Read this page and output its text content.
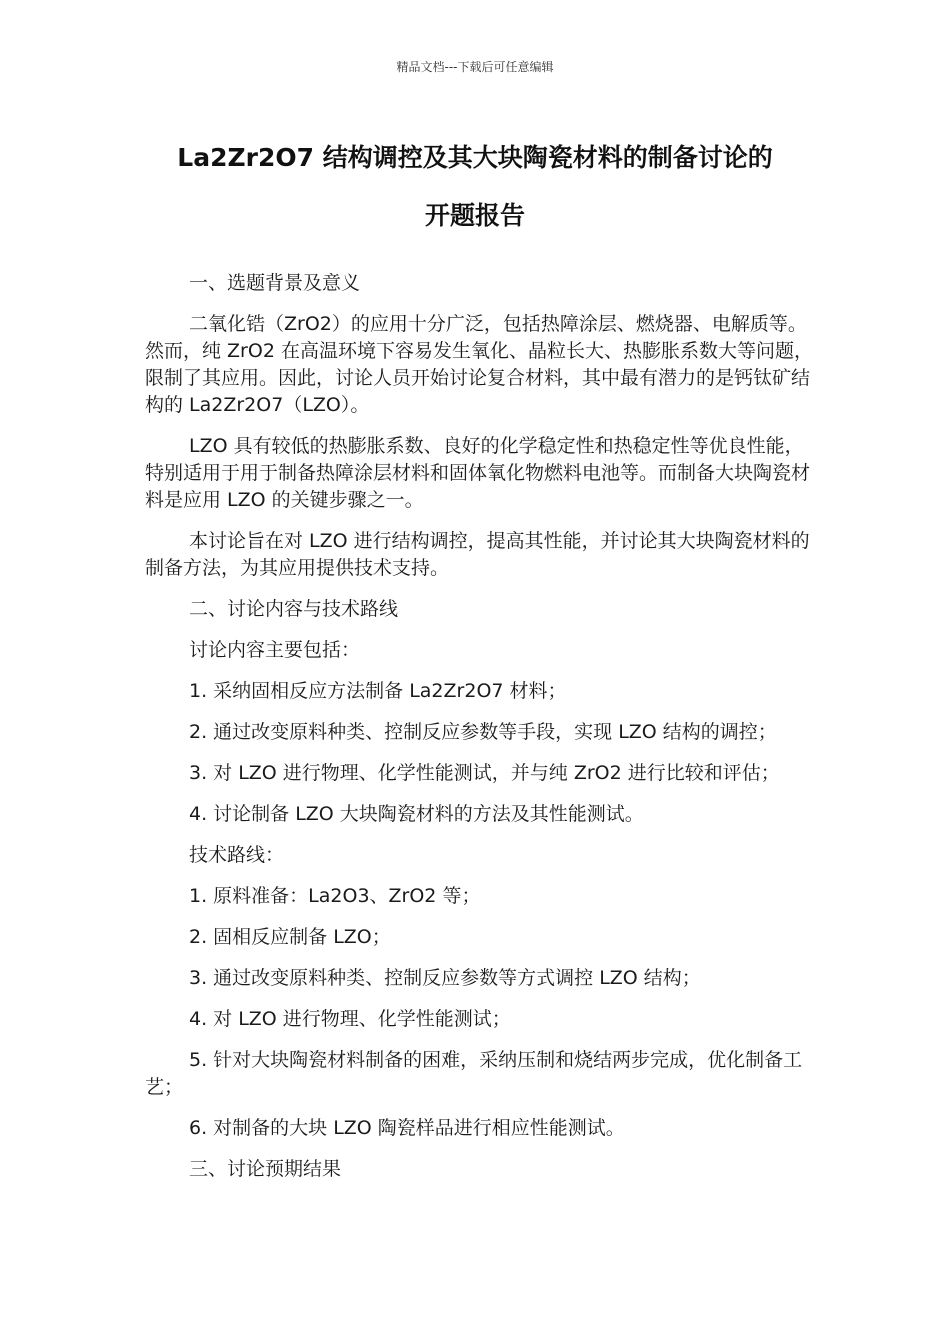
精品文档---下载后可任意编辑
La2Zr2O7 结构调控及其大块陶瓷材料的制备讨论的
开题报告

一、选题背景及意义

二氧化锆（ZrO2）的应用十分广泛，包括热障涂层、燃烧器、电解质等。然而，纯 ZrO2 在高温环境下容易发生氧化、晶粒长大、热膨胀系数大等问题，限制了其应用。因此，讨论人员开始讨论复合材料，其中最有潜力的是钙钛矿结构的 La2Zr2O7（LZO）。

LZO 具有较低的热膨胀系数、良好的化学稳定性和热稳定性等优良性能，特别适用于用于制备热障涂层材料和固体氧化物燃料电池等。而制备大块陶瓷材料是应用 LZO 的关键步骤之一。

本讨论旨在对 LZO 进行结构调控，提高其性能，并讨论其大块陶瓷材料的制备方法，为其应用提供技术支持。

二、讨论内容与技术路线

讨论内容主要包括：

1. 采纳固相反应方法制备 La2Zr2O7 材料；

2. 通过改变原料种类、控制反应参数等手段，实现 LZO 结构的调控；

3. 对 LZO 进行物理、化学性能测试，并与纯 ZrO2 进行比较和评估；

4. 讨论制备 LZO 大块陶瓷材料的方法及其性能测试。

技术路线：

1. 原料准备：La2O3、ZrO2 等；

2. 固相反应制备 LZO；

3. 通过改变原料种类、控制反应参数等方式调控 LZO 结构；

4. 对 LZO 进行物理、化学性能测试；

5. 针对大块陶瓷材料制备的困难，采纳压制和烧结两步完成，优化制备工艺；

6. 对制备的大块 LZO 陶瓷样品进行相应性能测试。

三、讨论预期结果
